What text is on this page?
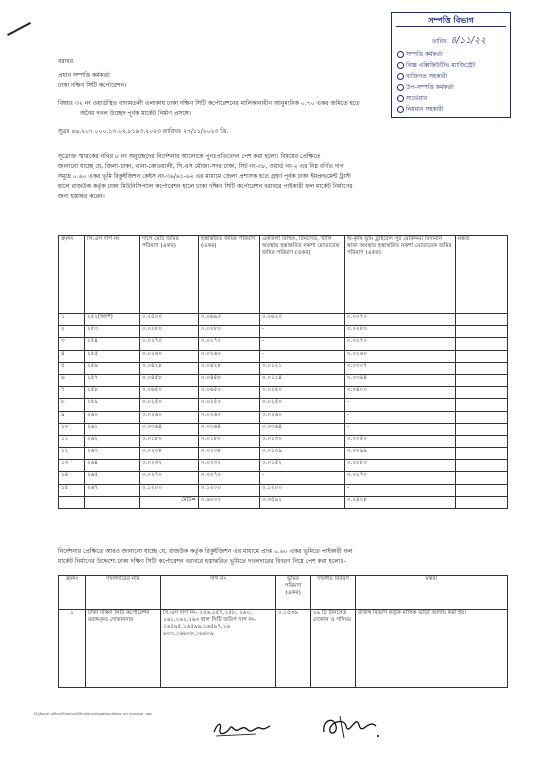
সম্পত্তি বিভাগ
তারিখ ৪/১১/২২
সম্পত্তি কর্মকর্তা
বিজ্ঞ এক্সিকিউটিভ ম্যাজিস্ট্রেট
ব্যক্তিগত সহকারী
উপ-সম্পত্তি কর্মকর্তা
সার্ভেয়ার
নিয়মান সহকারী
বরাবর
প্রধান সম্পত্তি কর্মকর্তা
ঢাকা দক্ষিণ সিটি কর্পোরেশন।
বিষয়ঃ ৩২ নং ওয়ার্ডস্থিত বাদামতলী এলাকায় ঢাকা দক্ষিণ সিটি কর্পোরেশনের মালিকানাধীন আনুমানিক ০.৭০ একর জমিতে হতে
অবৈধ দখল উচ্ছেদ পূর্বক মার্কেট নির্মাণ প্রসঙ্গে।
সূত্রঃ ৪৬.২০৭.০০০.১৩.০২.৮১৯৩.২০২৩ তারিখঃ ২৭/১১/২০২৩ খ্রি.
সূত্রোক্ত স্মারকের নথির ৮ নং অনুচ্ছেদের নির্দেশনার আলোকে পুনঃপ্রতিবেদন পেশ করা হলো। বিষয়ের প্রেক্ষিতে
জানানো যাচ্ছে যে, জিলা-ঢাকা, থানা-কোতয়ালী, সি.এস মৌজা-সদর ঢাকা, সিট নং-৩৮, ওয়ার্ড নং-২ এর নিম্ন বর্ণিত দাগ
সমূহে ০.৬০ একর ভূমি রিকুইজিশন কেইস নং-৩৯/৬১-৬২ এর মাধ্যমে জেলা প্রশাসক হতে গ্রহণ পূর্বক ঢাকা ইমপ্রুভমেন্ট ট্রাস্ট
হালে রাজউক কর্তৃক ঢাকা মিউনিসিপ্যাল কর্পোরেশন হালে ঢাকা দক্ষিণ সিটি কর্পোরেশন বরাবরে পাইকারী ফল মার্কেট নির্মাণের
জন্য হস্তান্তর করেন।
ক্র/নং	সি.এস দাগ নং	দাগে মোট জমির পরিমাণ (একর)	হস্তান্তরিত জমির পরিমাণ (একর)	একতলা বিল্ডিং, টিনসেড, খালি অবস্থায় হস্তান্তরিত নকশা মোতাবেক জমির পরিমাণ (একর)	অ-কৃষি ভূমি ট্রাইবেল সুট মোকদ্দমা বিদ্যমান থাকা অবস্থায় হস্তান্তরিত নকশা মোতাবেক জমির পরিমাণ (একর)	মন্তব্য
১	২৫২(অংশ)	০.২৫০০	০.০৬৯০	০.০৬২০	০.০০৭০	
২	২৫৩	০.০২৮০	০.০২৮০	-	০.০২৮০	
৩	২৫৪	০.০২৭০	০.০২৭০	-	০.০২৭০	
৪	২৫৫	০.০২৬০	০.০২৬০	-	০.০২৬০	
৫	২৫৬	০.০৪২৮	০.০৪২৮	০.০১২১	০.০৩০৭	
৬	২৫৭	০.০৪৫৮	০.০৪৫৮	০.০১১৪	০.০৩৪৪	
৭	২৫৮	০.০৬৫০	০.০৬৫০	০.০২৫০	০.০৪০০	
৮	২৫৯	০.০২৫০	০.০২৫০	০.০২৫০	-	
৯	২৬০	০.০২৬০	০.০২৬০	০.০২৬০	-	
১০	২৬১	০.০৩৬৪	০.০৩৬৪	০.০৩৬৪	-	
১১	২৬২	০.০১৮০	০.০১৮০	০.০১৩০	০.০০৫০	
১২	২৬৩	০.০২০৮	০.০২০৮	০.০১০৯	০.০০৯৯	
১৩	২৬৪	০.০২৩২	০.০২৩২	০.০১৫২	০.০০৮০	
১৪	২৬৫	০.০২৭০	০.০২৭০	-	০.০২৭০	
১৫	২৬৭	০.১২০০	০.১২০০	০.১২০০	-	
		মোট=	০.৬০০০	০.৩৫৯২	০.২৪০৮	
নির্দেশনার প্রেক্ষিতে আরও জানানো যাচ্ছে যে, রাজউক কর্তৃক রিকুইজিশন এর মাধ্যমে প্রাপ্ত ০.৬০ একর ভূমিতে পাইকারী ফল
মার্কেট নির্মাণের উদ্দেশ্যে ঢাকা দক্ষিণ সিটি কর্পোরেশন বরাবরে হস্তান্তরিত ভূমিতে দখলদারের বিবরণ নিম্নে পেশ করা হলোঃ-
ক্র/নং	দখলদারের নাম	দাগ নং	ভূমির পরিমাণ (একর)	দখলীয় বিবরণ	মন্তব্য
১	ঢাকা দক্ষিণ সিটি কর্পোরেশন বরাদ্দকৃত দোকানদার	সি.এস দাগ নং- ২৫৬,২৫৭,২৫৮, ২৬০, ২৬১,২৬২,২৬৩ হাল সিটি জরিপ দাগ নং- ১৬৫৯৫,১৬৫৯৬,১৬৫৯৭,১৬ ৬০৩,১৬৬০৮,১৬৬০৯	০.১৫৩৬	২৯ টি টিনসেড দোকান ও গদিঘর	রাজস্ব বিভাগ কর্তৃক মাসিক ভাড়া আদায় করা হয়।
D:\Boroi office\Shomui\Mrchonchlopatrochaloc on change .doc
